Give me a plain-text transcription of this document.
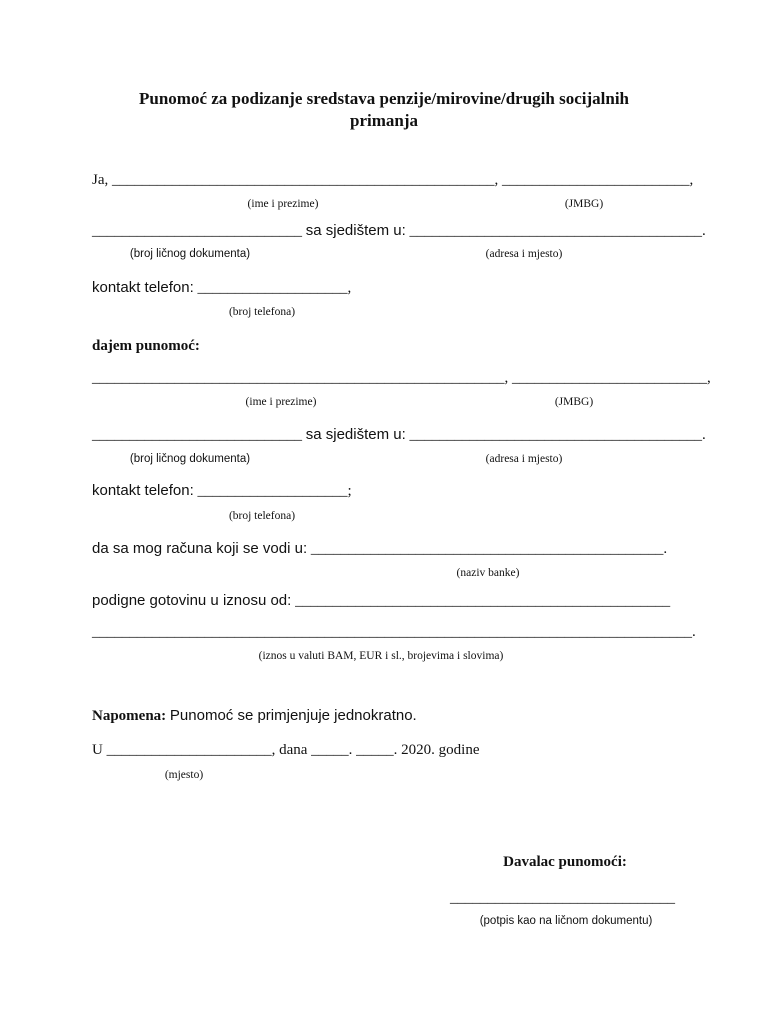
Punomoć za podizanje sredstava penzije/mirovine/drugih socijalnih
primanja
Ja, ___________________________________________________, _________________________,
(ime i prezime)	(JMBG)
____________________________ sa sjedištem u: _______________________________________.
(broj ličnog dokumenta)	(adresa i mjesto)
kontakt telefon: ____________________,
(broj telefona)
dajem punomoć:
_______________________________________________________, __________________________,
(ime i prezime)	(JMBG)
____________________________ sa sjedištem u: _______________________________________.
(broj ličnog dokumenta)	(adresa i mjesto)
kontakt telefon: ____________________;
(broj telefona)
da sa mog računa koji se vodi u: _______________________________________________.
(naziv banke)
podigne gotovinu u iznosu od: __________________________________________________
________________________________________________________________________________.
(iznos u valuti BAM, EUR i sl., brojevima i slovima)
Napomena: Punomoć se primjenjuje jednokratno.
U ______________________, dana _____. _____. 2020. godine
(mjesto)
Davalac punomoći:
______________________________
(potpis kao na ličnom dokumentu)
